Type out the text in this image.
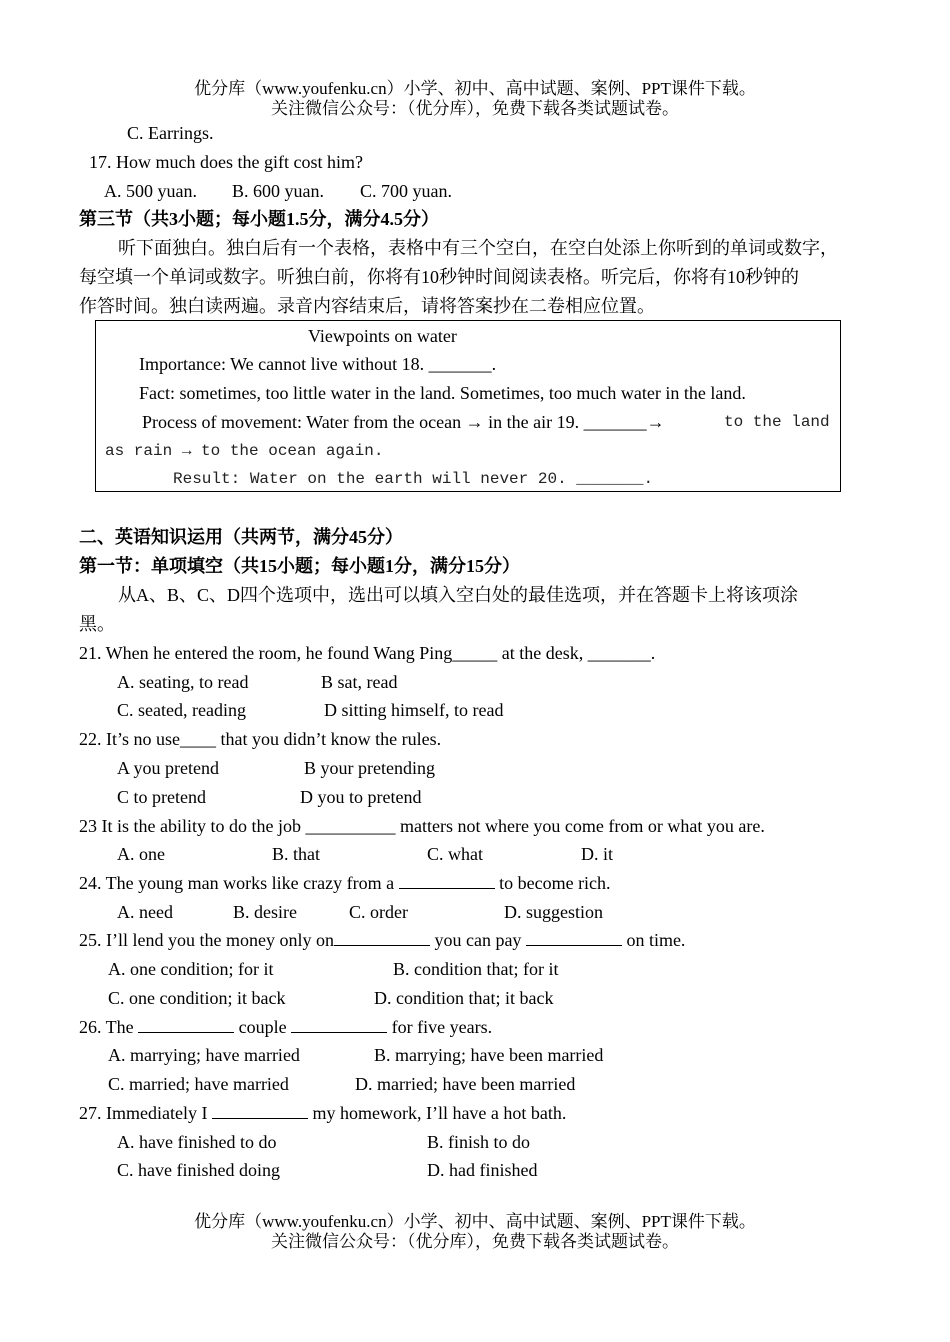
优分库（www.youfenku.cn）小学、初中、高中试题、案例、PPT课件下载。
关注微信公众号：（优分库），免费下载各类试题试卷。
C. Earrings.
17. How much does the gift cost him?
A. 500 yuan. B. 600 yuan. C. 700 yuan.
第三节（共3小题；每小题1.5分，满分4.5分）
听下面独白。独白后有一个表格，表格中有三个空白，在空白处添上你听到的单词或数字，
每空填一个单词或数字。听独白前，你将有10秒钟时间阅读表格。听完后，你将有10秒钟的
作答时间。独白读两遍。录音内容结束后，请将答案抄在二卷相应位置。
Viewpoints on water
Importance: We cannot live without 18. _______.
Fact: sometimes, too little water in the land. Sometimes, too much water in the land.
Process of movement: Water from the ocean → in the air 19. _______→	to the land
as rain → to the ocean again.
Result: Water on the earth will never 20. _______.
二、英语知识运用（共两节，满分45分）
第一节：单项填空（共15小题；每小题1分，满分15分）
从A、B、C、D四个选项中，选出可以填入空白处的最佳选项，并在答题卡上将该项涂
黑。
21. When he entered the room, he found Wang Ping_____ at the desk, _______.
A. seating, to read	B sat, read
C. seated, reading	D sitting himself, to read
22. It’s no use____ that you didn’t know the rules.
A you pretend	B your pretending
C to pretend	D you to pretend
23 It is the ability to do the job __________ matters not where you come from or what you are.
A. one	B. that	C. what	D. it
24. The young man works like crazy from a	to become rich.
A. need	B. desire	C. order	D. suggestion
25. I’ll lend you the money only on	you can pay	on time.
A. one condition; for it	B. condition that; for it
C. one condition; it back	D. condition that; it back
26. The	couple	for five years.
A. marrying; have married	B. marrying; have been married
C. married; have married	D. married; have been married
27. Immediately I	my homework, I’ll have a hot bath.
A. have finished to do	B. finish to do
C. have finished doing	D. had finished
优分库（www.youfenku.cn）小学、初中、高中试题、案例、PPT课件下载。
关注微信公众号：（优分库），免费下载各类试题试卷。
